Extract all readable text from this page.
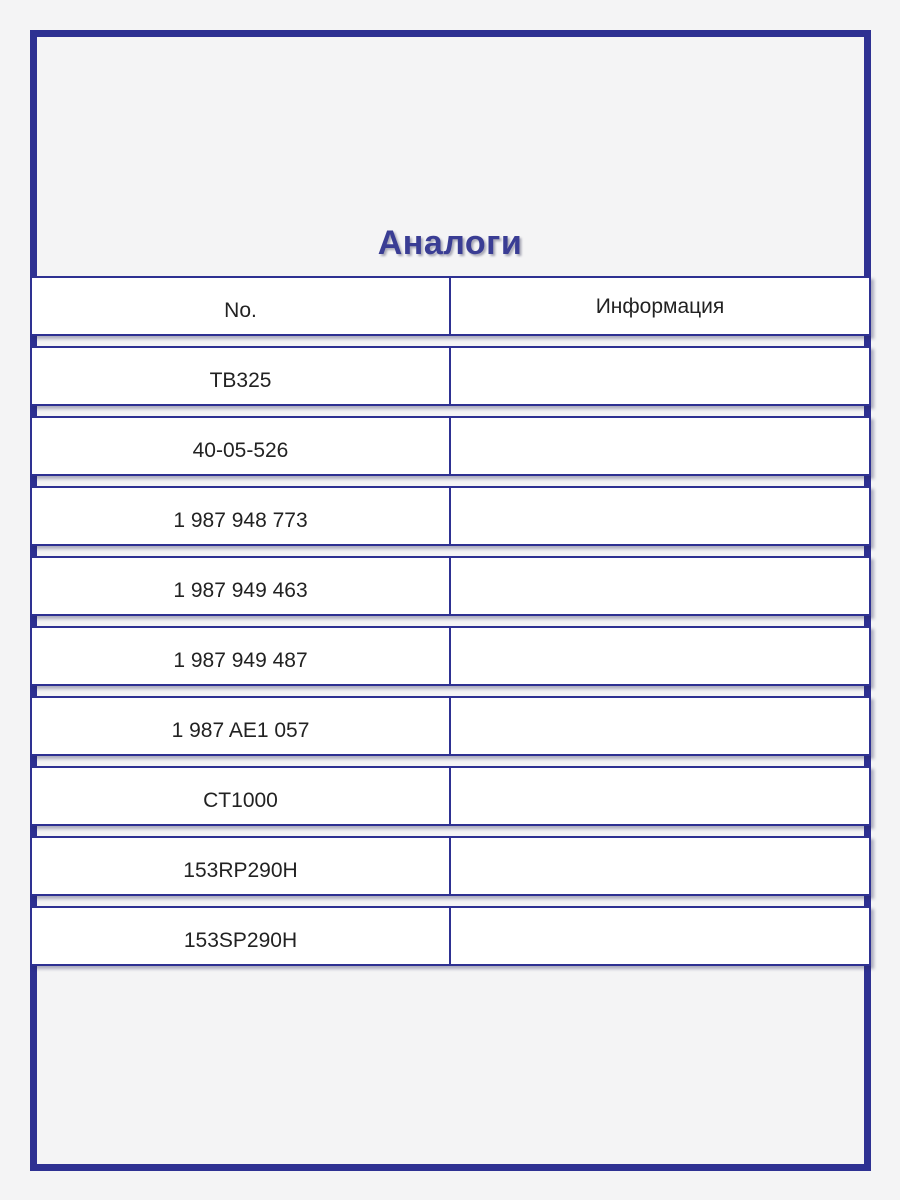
Аналоги
No.	Информация
TB325
40-05-526
1 987 948 773
1 987 949 463
1 987 949 487
1 987 AE1 057
CT1000
153RP290H
153SP290H
